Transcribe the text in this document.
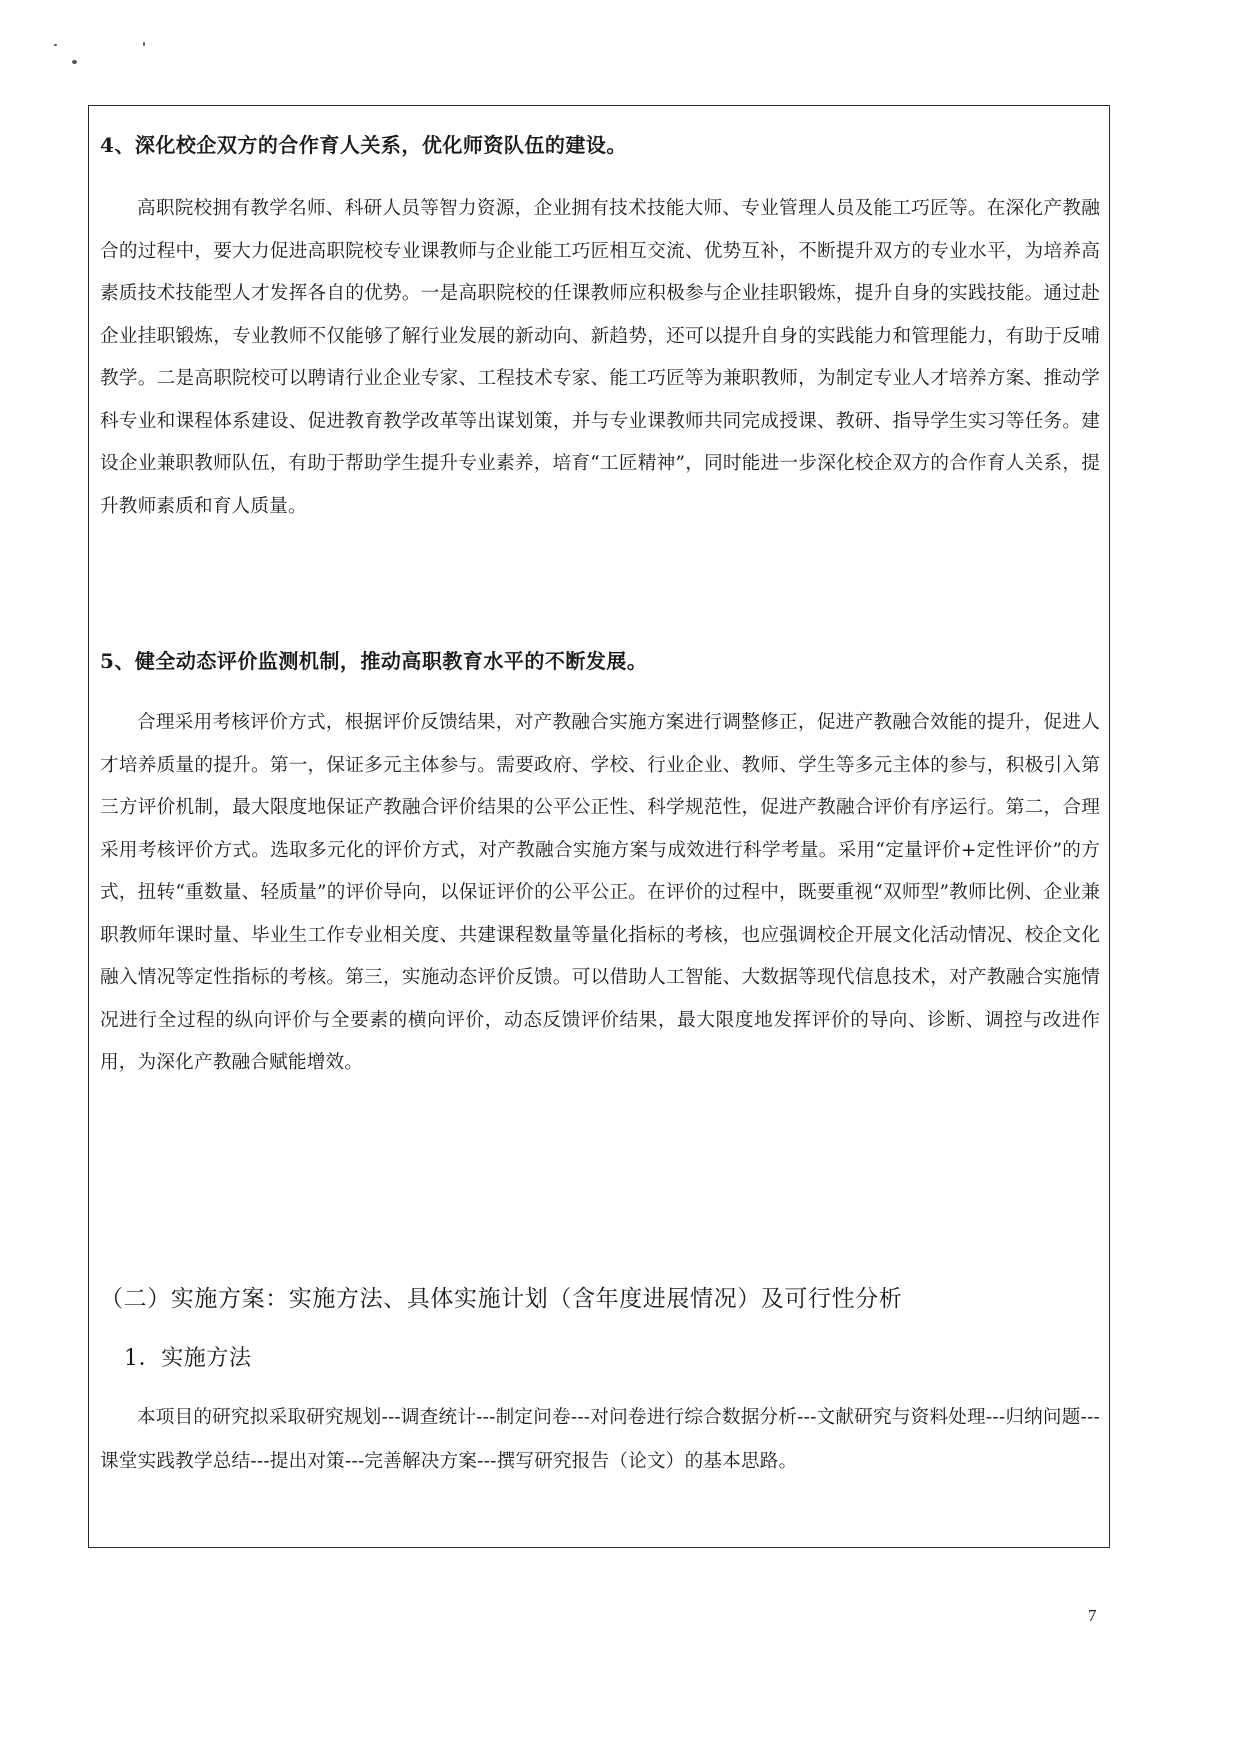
4、深化校企双方的合作育人关系，优化师资队伍的建设。
高职院校拥有教学名师、科研人员等智力资源，企业拥有技术技能大师、专业管理人员及能工巧匠等。在深化产教融合的过程中，要大力促进高职院校专业课教师与企业能工巧匠相互交流、优势互补，不断提升双方的专业水平，为培养高素质技术技能型人才发挥各自的优势。一是高职院校的任课教师应积极参与企业挂职锻炼，提升自身的实践技能。通过赴企业挂职锻炼，专业教师不仅能够了解行业发展的新动向、新趋势，还可以提升自身的实践能力和管理能力，有助于反哺教学。二是高职院校可以聘请行业企业专家、工程技术专家、能工巧匠等为兼职教师，为制定专业人才培养方案、推动学科专业和课程体系建设、促进教育教学改革等出谋划策，并与专业课教师共同完成授课、教研、指导学生实习等任务。建设企业兼职教师队伍，有助于帮助学生提升专业素养，培育“工匠精神”，同时能进一步深化校企双方的合作育人关系，提升教师素质和育人质量。
5、健全动态评价监测机制，推动高职教育水平的不断发展。
合理采用考核评价方式，根据评价反馈结果，对产教融合实施方案进行调整修正，促进产教融合效能的提升，促进人才培养质量的提升。第一，保证多元主体参与。需要政府、学校、行业企业、教师、学生等多元主体的参与，积极引入第三方评价机制，最大限度地保证产教融合评价结果的公平公正性、科学规范性，促进产教融合评价有序运行。第二，合理采用考核评价方式。选取多元化的评价方式，对产教融合实施方案与成效进行科学考量。采用“定量评价+定性评价”的方式，扭转“重数量、轻质量”的评价导向，以保证评价的公平公正。在评价的过程中，既要重视“双师型”教师比例、企业兼职教师年课时量、毕业生工作专业相关度、共建课程数量等量化指标的考核，也应强调校企开展文化活动情况、校企文化融入情况等定性指标的考核。第三，实施动态评价反馈。可以借助人工智能、大数据等现代信息技术，对产教融合实施情况进行全过程的纵向评价与全要素的横向评价，动态反馈评价结果，最大限度地发挥评价的导向、诊断、调控与改进作用，为深化产教融合赋能增效。
（二）实施方案：实施方法、具体实施计划（含年度进展情况）及可行性分析
1．实施方法
本项目的研究拟采取研究规划---调查统计---制定问卷---对问卷进行综合数据分析---文献研究与资料处理---归纳问题---课堂实践教学总结---提出对策---完善解决方案---撰写研究报告（论文）的基本思路。
7
